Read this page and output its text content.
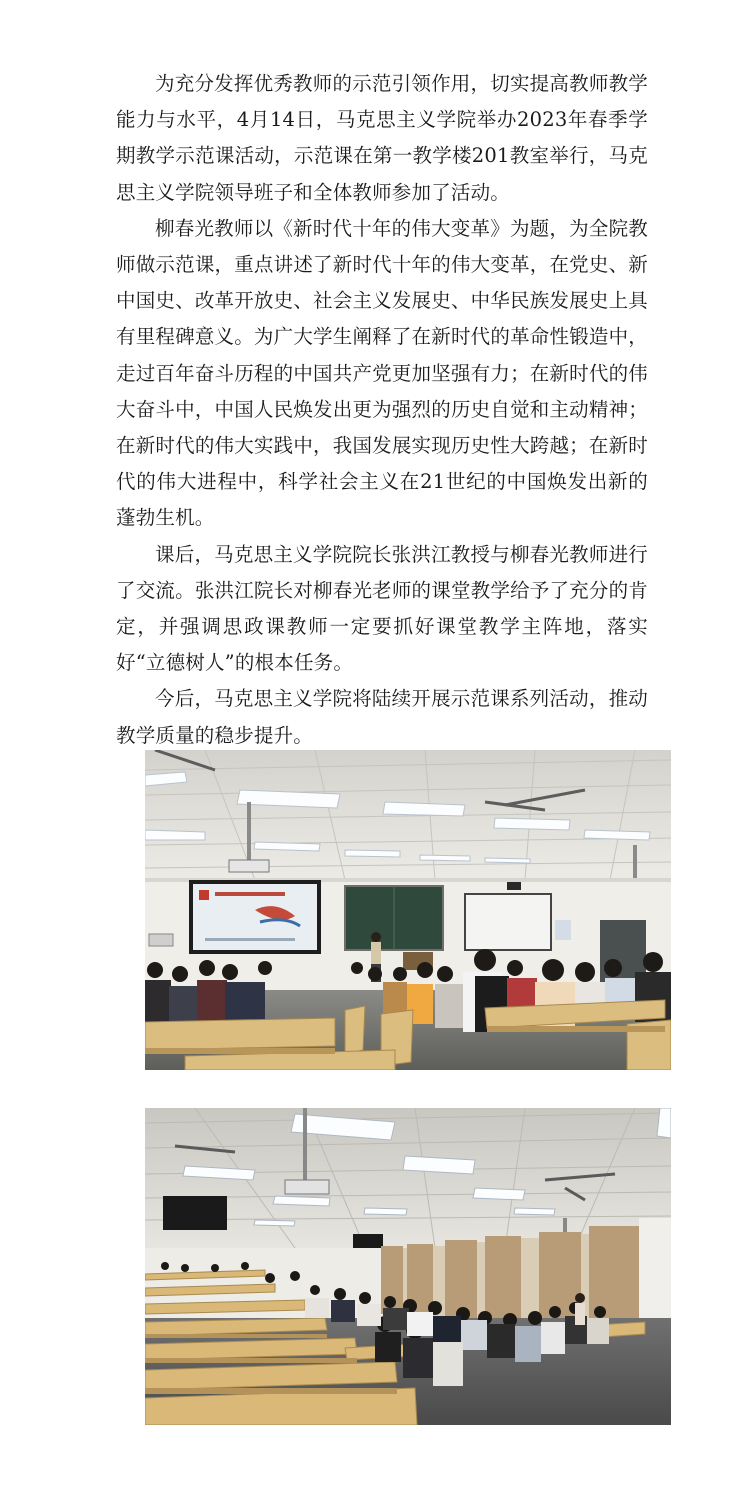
为充分发挥优秀教师的示范引领作用，切实提高教师教学能力与水平，4月14日，马克思主义学院举办2023年春季学期教学示范课活动，示范课在第一教学楼201教室举行，马克思主义学院领导班子和全体教师参加了活动。

柳春光教师以《新时代十年的伟大变革》为题，为全院教师做示范课，重点讲述了新时代十年的伟大变革，在党史、新中国史、改革开放史、社会主义发展史、中华民族发展史上具有里程碑意义。为广大学生阐释了在新时代的革命性锻造中，走过百年奋斗历程的中国共产党更加坚强有力；在新时代的伟大奋斗中，中国人民焕发出更为强烈的历史自觉和主动精神；在新时代的伟大实践中，我国发展实现历史性大跨越；在新时代的伟大进程中，科学社会主义在21世纪的中国焕发出新的蓬勃生机。

课后，马克思主义学院院长张洪江教授与柳春光教师进行了交流。张洪江院长对柳春光老师的课堂教学给予了充分的肯定，并强调思政课教师一定要抓好课堂教学主阵地，落实好“立德树人”的根本任务。

今后，马克思主义学院将陆续开展示范课系列活动，推动教学质量的稳步提升。
